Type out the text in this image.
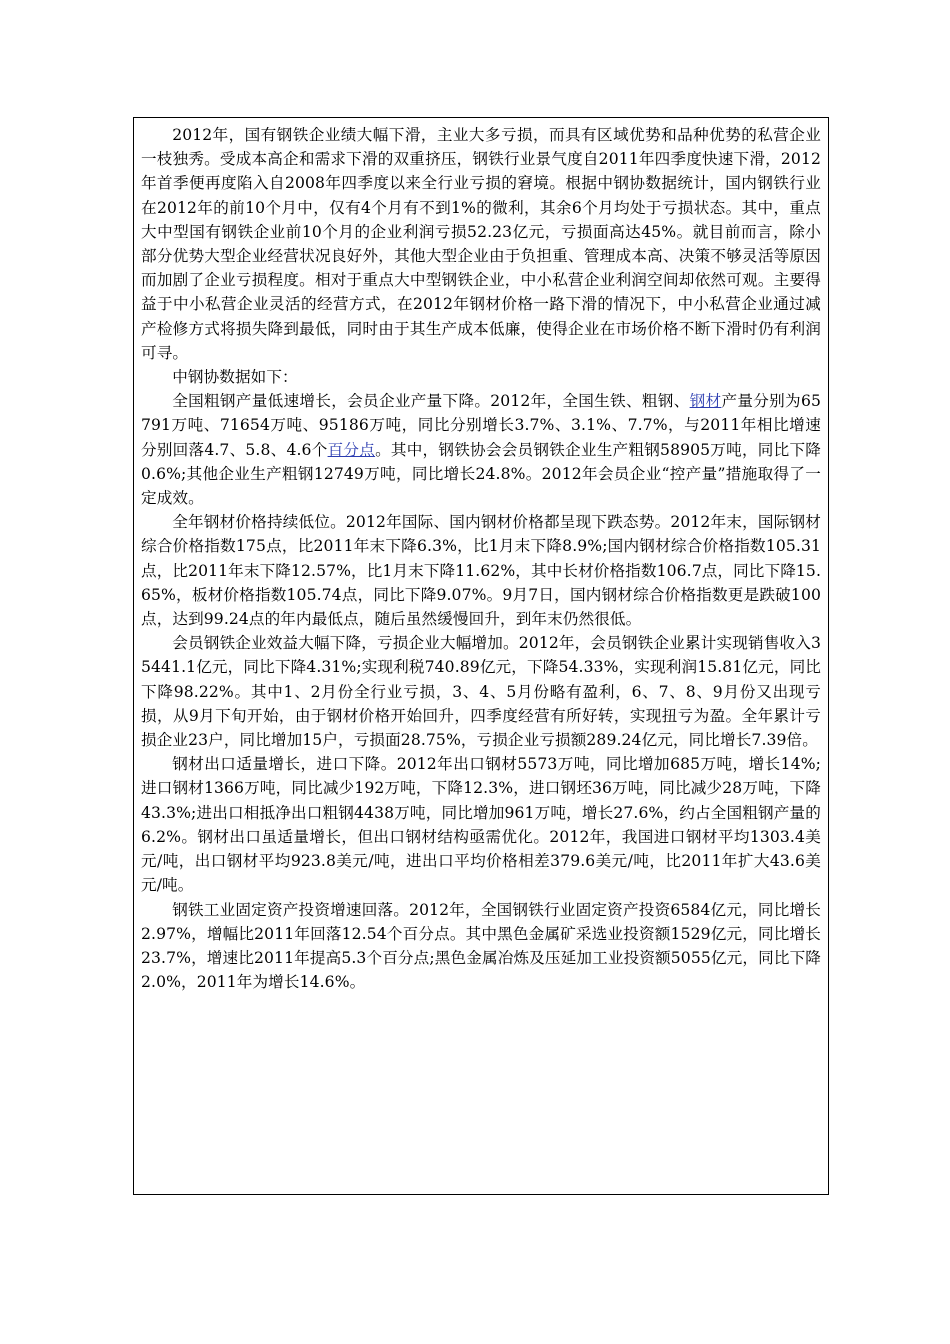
2012年，国有钢铁企业绩大幅下滑，主业大多亏损，而具有区域优势和品种优势的私营企业一枝独秀。受成本高企和需求下滑的双重挤压，钢铁行业景气度自2011年四季度快速下滑，2012年首季便再度陷入自2008年四季度以来全行业亏损的窘境。根据中钢协数据统计，国内钢铁行业在2012年的前10个月中，仅有4个月有不到1%的微利，其余6个月均处于亏损状态。其中，重点大中型国有钢铁企业前10个月的企业利润亏损52.23亿元，亏损面高达45%。就目前而言，除小部分优势大型企业经营状况良好外，其他大型企业由于负担重、管理成本高、决策不够灵活等原因而加剧了企业亏损程度。相对于重点大中型钢铁企业，中小私营企业利润空间却依然可观。主要得益于中小私营企业灵活的经营方式，在2012年钢材价格一路下滑的情况下，中小私营企业通过减产检修方式将损失降到最低，同时由于其生产成本低廉，使得企业在市场价格不断下滑时仍有利润可寻。

中钢协数据如下：

全国粗钢产量低速增长，会员企业产量下降。2012年，全国生铁、粗钢、钢材产量分别为65791万吨、71654万吨、95186万吨，同比分别增长3.7%、3.1%、7.7%，与2011年相比增速分别回落4.7、5.8、4.6个百分点。其中，钢铁协会会员钢铁企业生产粗钢58905万吨，同比下降0.6%;其他企业生产粗钢12749万吨，同比增长24.8%。2012年会员企业“控产量”措施取得了一定成效。

全年钢材价格持续低位。2012年国际、国内钢材价格都呈现下跌态势。2012年末，国际钢材综合价格指数175点，比2011年末下降6.3%，比1月末下降8.9%;国内钢材综合价格指数105.31点，比2011年末下降12.57%，比1月末下降11.62%，其中长材价格指数106.7点，同比下降15.65%，板材价格指数105.74点，同比下降9.07%。9月7日，国内钢材综合价格指数更是跌破100点，达到99.24点的年内最低点，随后虽然缓慢回升，到年末仍然很低。

会员钢铁企业效益大幅下降，亏损企业大幅增加。2012年，会员钢铁企业累计实现销售收入35441.1亿元，同比下降4.31%;实现利税740.89亿元，下降54.33%，实现利润15.81亿元，同比下降98.22%。其中1、2月份全行业亏损，3、4、5月份略有盈利，6、7、8、9月份又出现亏损，从9月下旬开始，由于钢材价格开始回升，四季度经营有所好转，实现扭亏为盈。全年累计亏损企业23户，同比增加15户，亏损面28.75%，亏损企业亏损额289.24亿元，同比增长7.39倍。

钢材出口适量增长，进口下降。2012年出口钢材5573万吨，同比增加685万吨，增长14%;进口钢材1366万吨，同比减少192万吨，下降12.3%，进口钢坯36万吨，同比减少28万吨，下降43.3%;进出口相抵净出口粗钢4438万吨，同比增加961万吨，增长27.6%，约占全国粗钢产量的6.2%。钢材出口虽适量增长，但出口钢材结构亟需优化。2012年，我国进口钢材平均1303.4美元/吨，出口钢材平均923.8美元/吨，进出口平均价格相差379.6美元/吨，比2011年扩大43.6美元/吨。

钢铁工业固定资产投资增速回落。2012年，全国钢铁行业固定资产投资6584亿元，同比增长2.97%，增幅比2011年回落12.54个百分点。其中黑色金属矿采选业投资额1529亿元，同比增长23.7%，增速比2011年提高5.3个百分点;黑色金属冶炼及压延加工业投资额5055亿元，同比下降2.0%，2011年为增长14.6%。
